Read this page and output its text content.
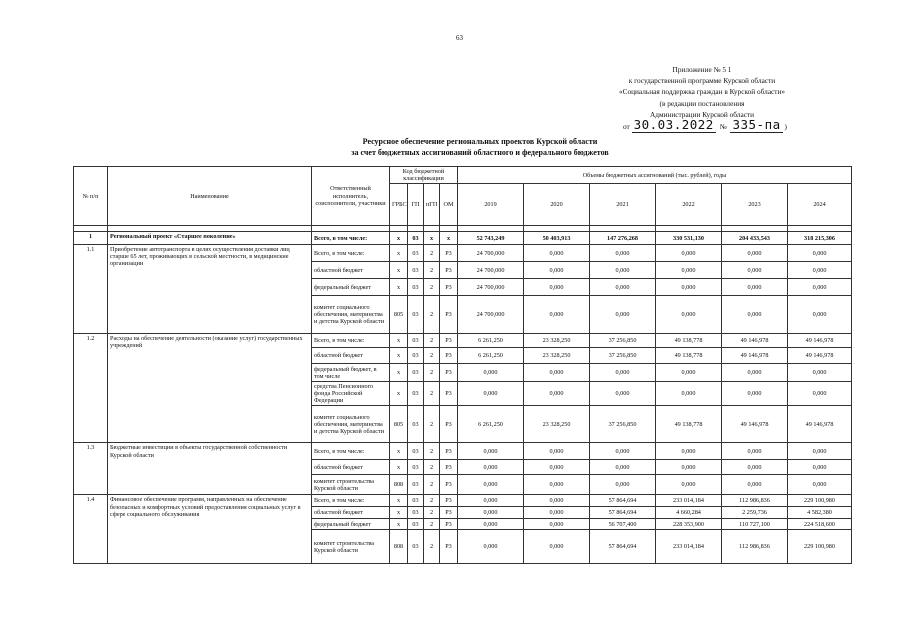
63
Приложение № 5 1
к государственной программе Курской области
«Социальная поддержка граждан в Курской области»
(в редакции постановления
Администрации Курской области
от 30.03.2022 № 335-па )
Ресурсное обеспечение региональных проектов Курской области
за счет бюджетных ассигнований областного и федерального бюджетов
№ п/п	Наименование	Ответственный исполнитель, соисполнители, участники	Код бюджетной классификации				Объемы бюджетных ассигнований (тыс. рублей), годы					
			ГРБС	ГП	пГП	ОМ	2019	2020	2021	2022	2023	2024

1	Региональный проект «Старшее поколение»	Всего, в том числе:	х	03	х	х	52 743,249	50 403,913	147 276,268	330 531,130	204 433,543	318 215,306
1.1	Приобретение автотранспорта в целях осуществления доставки лиц старше 65 лет, проживающих в сельской местности, в медицинские организации	Всего, в том числе:	х	03	2	P3	24 700,000	0,000	0,000	0,000	0,000	0,000
		областной бюджет	х	03	2	P3	24 700,000	0,000	0,000	0,000	0,000	0,000
		федеральный бюджет	х	03	2	P3	24 700,000	0,000	0,000	0,000	0,000	0,000
		комитет социального обеспечения, материнства и детства Курской области	805	03	2	P3	24 700,000	0,000	0,000	0,000	0,000	0,000
1.2	Расходы на обеспечение деятельности (оказание услуг) государственных учреждений	Всего, в том числе:	х	03	2	P3	6 261,250	23 328,250	37 256,850	49 138,778	49 146,978	49 146,978
		областной бюджет	х	03	2	P3	6 261,250	23 328,250	37 256,850	49 138,778	49 146,978	49 146,978
		федеральный бюджет, в том числе	х	03	2	P3	0,000	0,000	0,000	0,000	0,000	0,000
		средства Пенсионного фонда Российской Федерации	х	03	2	P3	0,000	0,000	0,000	0,000	0,000	0,000
		комитет социального обеспечения, материнства и детства Курской области	805	03	2	P3	6 261,250	23 328,250	37 256,850	49 138,778	49 146,978	49 146,978
1.3	Бюджетные инвестиции в объекты государственной собственности Курской области	Всего, в том числе:	х	03	2	P3	0,000	0,000	0,000	0,000	0,000	0,000
		областной бюджет	х	03	2	P3	0,000	0,000	0,000	0,000	0,000	0,000
		комитет строительства Курской области	808	03	2	P3	0,000	0,000	0,000	0,000	0,000	0,000
1.4	Финансовое обеспечение программ, направленных на обеспечение безопасных и комфортных условий предоставления социальных услуг в сфере социального обслуживания	Всего, в том числе:	х	03	2	P3	0,000	0,000	57 864,694	233 014,184	112 986,836	229 100,980
		областной бюджет	х	03	2	P3	0,000	0,000	57 864,694	4 660,284	2 259,736	4 582,380
		федеральный бюджет	х	03	2	P3	0,000	0,000	56 707,400	228 353,900	110 727,100	224 518,600
		комитет строительства Курской области	808	03	2	P3	0,000	0,000	57 864,694	233 014,184	112 986,836	229 100,980
